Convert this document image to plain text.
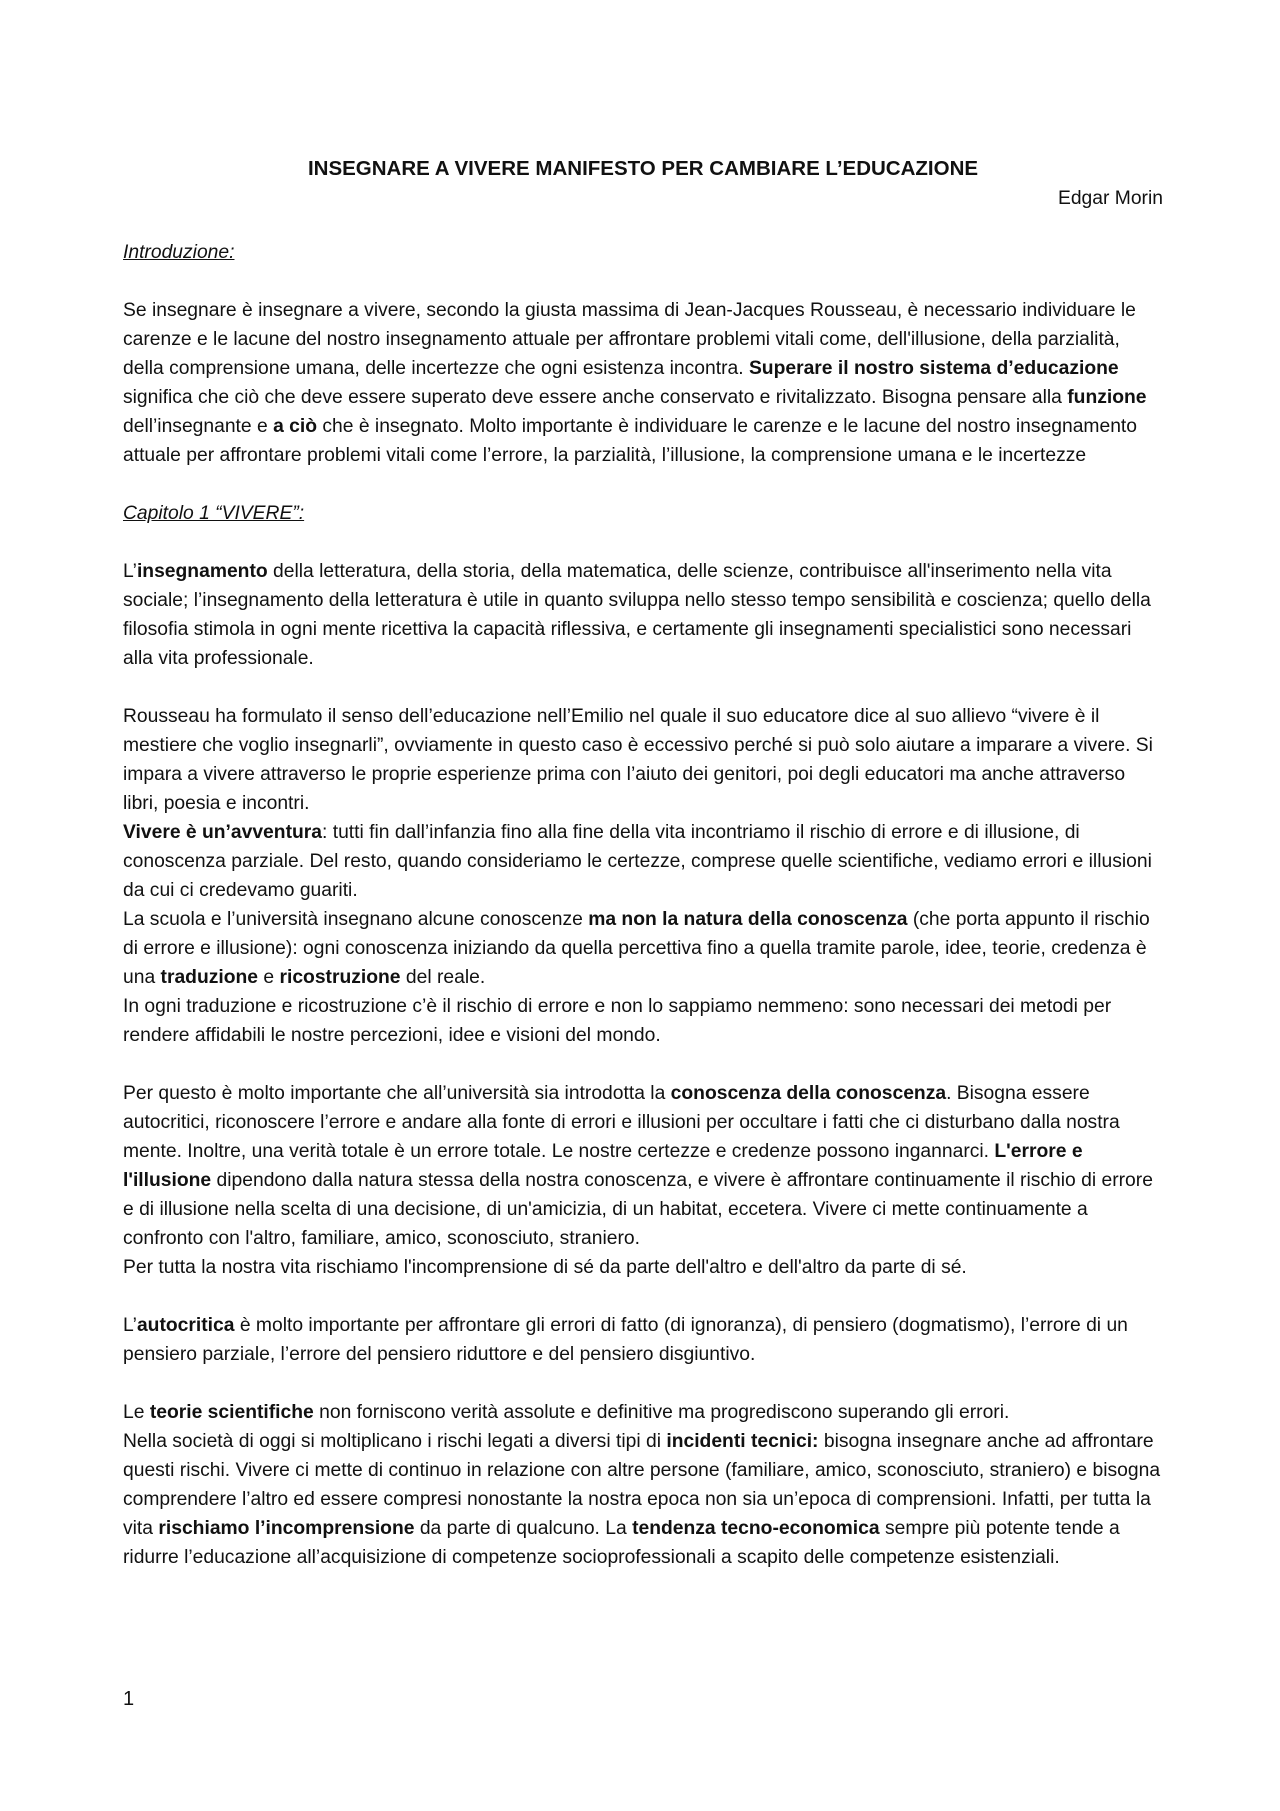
INSEGNARE A VIVERE MANIFESTO PER CAMBIARE L’EDUCAZIONE
Edgar Morin
Introduzione:

Se insegnare è insegnare a vivere, secondo la giusta massima di Jean-Jacques Rousseau, è necessario individuare le carenze e le lacune del nostro insegnamento attuale per affrontare problemi vitali come, dell'illusione, della parzialità, della comprensione umana, delle incertezze che ogni esistenza incontra. Superare il nostro sistema d’educazione significa che ciò che deve essere superato deve essere anche conservato e rivitalizzato. Bisogna pensare alla funzione dell’insegnante e a ciò che è insegnato. Molto importante è individuare le carenze e le lacune del nostro insegnamento attuale per affrontare problemi vitali come l’errore, la parzialità, l’illusione, la comprensione umana e le incertezze

Capitolo 1 “VIVERE”:

L’insegnamento della letteratura, della storia, della matematica, delle scienze, contribuisce all'inserimento nella vita sociale; l’insegnamento della letteratura è utile in quanto sviluppa nello stesso tempo sensibilità e coscienza; quello della filosofia stimola in ogni mente ricettiva la capacità riflessiva, e certamente gli insegnamenti specialistici sono necessari alla vita professionale.

Rousseau ha formulato il senso dell’educazione nell’Emilio nel quale il suo educatore dice al suo allievo “vivere è il mestiere che voglio insegnarli”, ovviamente in questo caso è eccessivo perché si può solo aiutare a imparare a vivere. Si impara a vivere attraverso le proprie esperienze prima con l’aiuto dei genitori, poi degli educatori ma anche attraverso libri, poesia e incontri.

Vivere è un’avventura: tutti fin dall’infanzia fino alla fine della vita incontriamo il rischio di errore e di illusione, di conoscenza parziale. Del resto, quando consideriamo le certezze, comprese quelle scientifiche, vediamo errori e illusioni da cui ci credevamo guariti.

La scuola e l’università insegnano alcune conoscenze ma non la natura della conoscenza (che porta appunto il rischio di errore e illusione): ogni conoscenza iniziando da quella percettiva fino a quella tramite parole, idee, teorie, credenza è una traduzione e ricostruzione del reale.

In ogni traduzione e ricostruzione c’è il rischio di errore e non lo sappiamo nemmeno: sono necessari dei metodi per rendere affidabili le nostre percezioni, idee e visioni del mondo.

Per questo è molto importante che all’università sia introdotta la conoscenza della conoscenza. Bisogna essere autocritici, riconoscere l’errore e andare alla fonte di errori e illusioni per occultare i fatti che ci disturbano dalla nostra mente. Inoltre, una verità totale è un errore totale. Le nostre certezze e credenze possono ingannarci. L'errore e l'illusione dipendono dalla natura stessa della nostra conoscenza, e vivere è affrontare continuamente il rischio di errore e di illusione nella scelta di una decisione, di un'amicizia, di un habitat, eccetera. Vivere ci mette continuamente a confronto con l'altro, familiare, amico, sconosciuto, straniero.

Per tutta la nostra vita rischiamo l'incomprensione di sé da parte dell'altro e dell'altro da parte di sé.

L’autocritica è molto importante per affrontare gli errori di fatto (di ignoranza), di pensiero (dogmatismo), l’errore di un pensiero parziale, l’errore del pensiero riduttore e del pensiero disgiuntivo.

Le teorie scientifiche non forniscono verità assolute e definitive ma progrediscono superando gli errori.

Nella società di oggi si moltiplicano i rischi legati a diversi tipi di incidenti tecnici: bisogna insegnare anche ad affrontare questi rischi. Vivere ci mette di continuo in relazione con altre persone (familiare, amico, sconosciuto, straniero) e bisogna comprendere l’altro ed essere compresi nonostante la nostra epoca non sia un’epoca di comprensioni. Infatti, per tutta la vita rischiamo l’incomprensione da parte di qualcuno. La tendenza tecno-economica sempre più potente tende a ridurre l’educazione all’acquisizione di competenze socioprofessionali a scapito delle competenze esistenziali.

1
